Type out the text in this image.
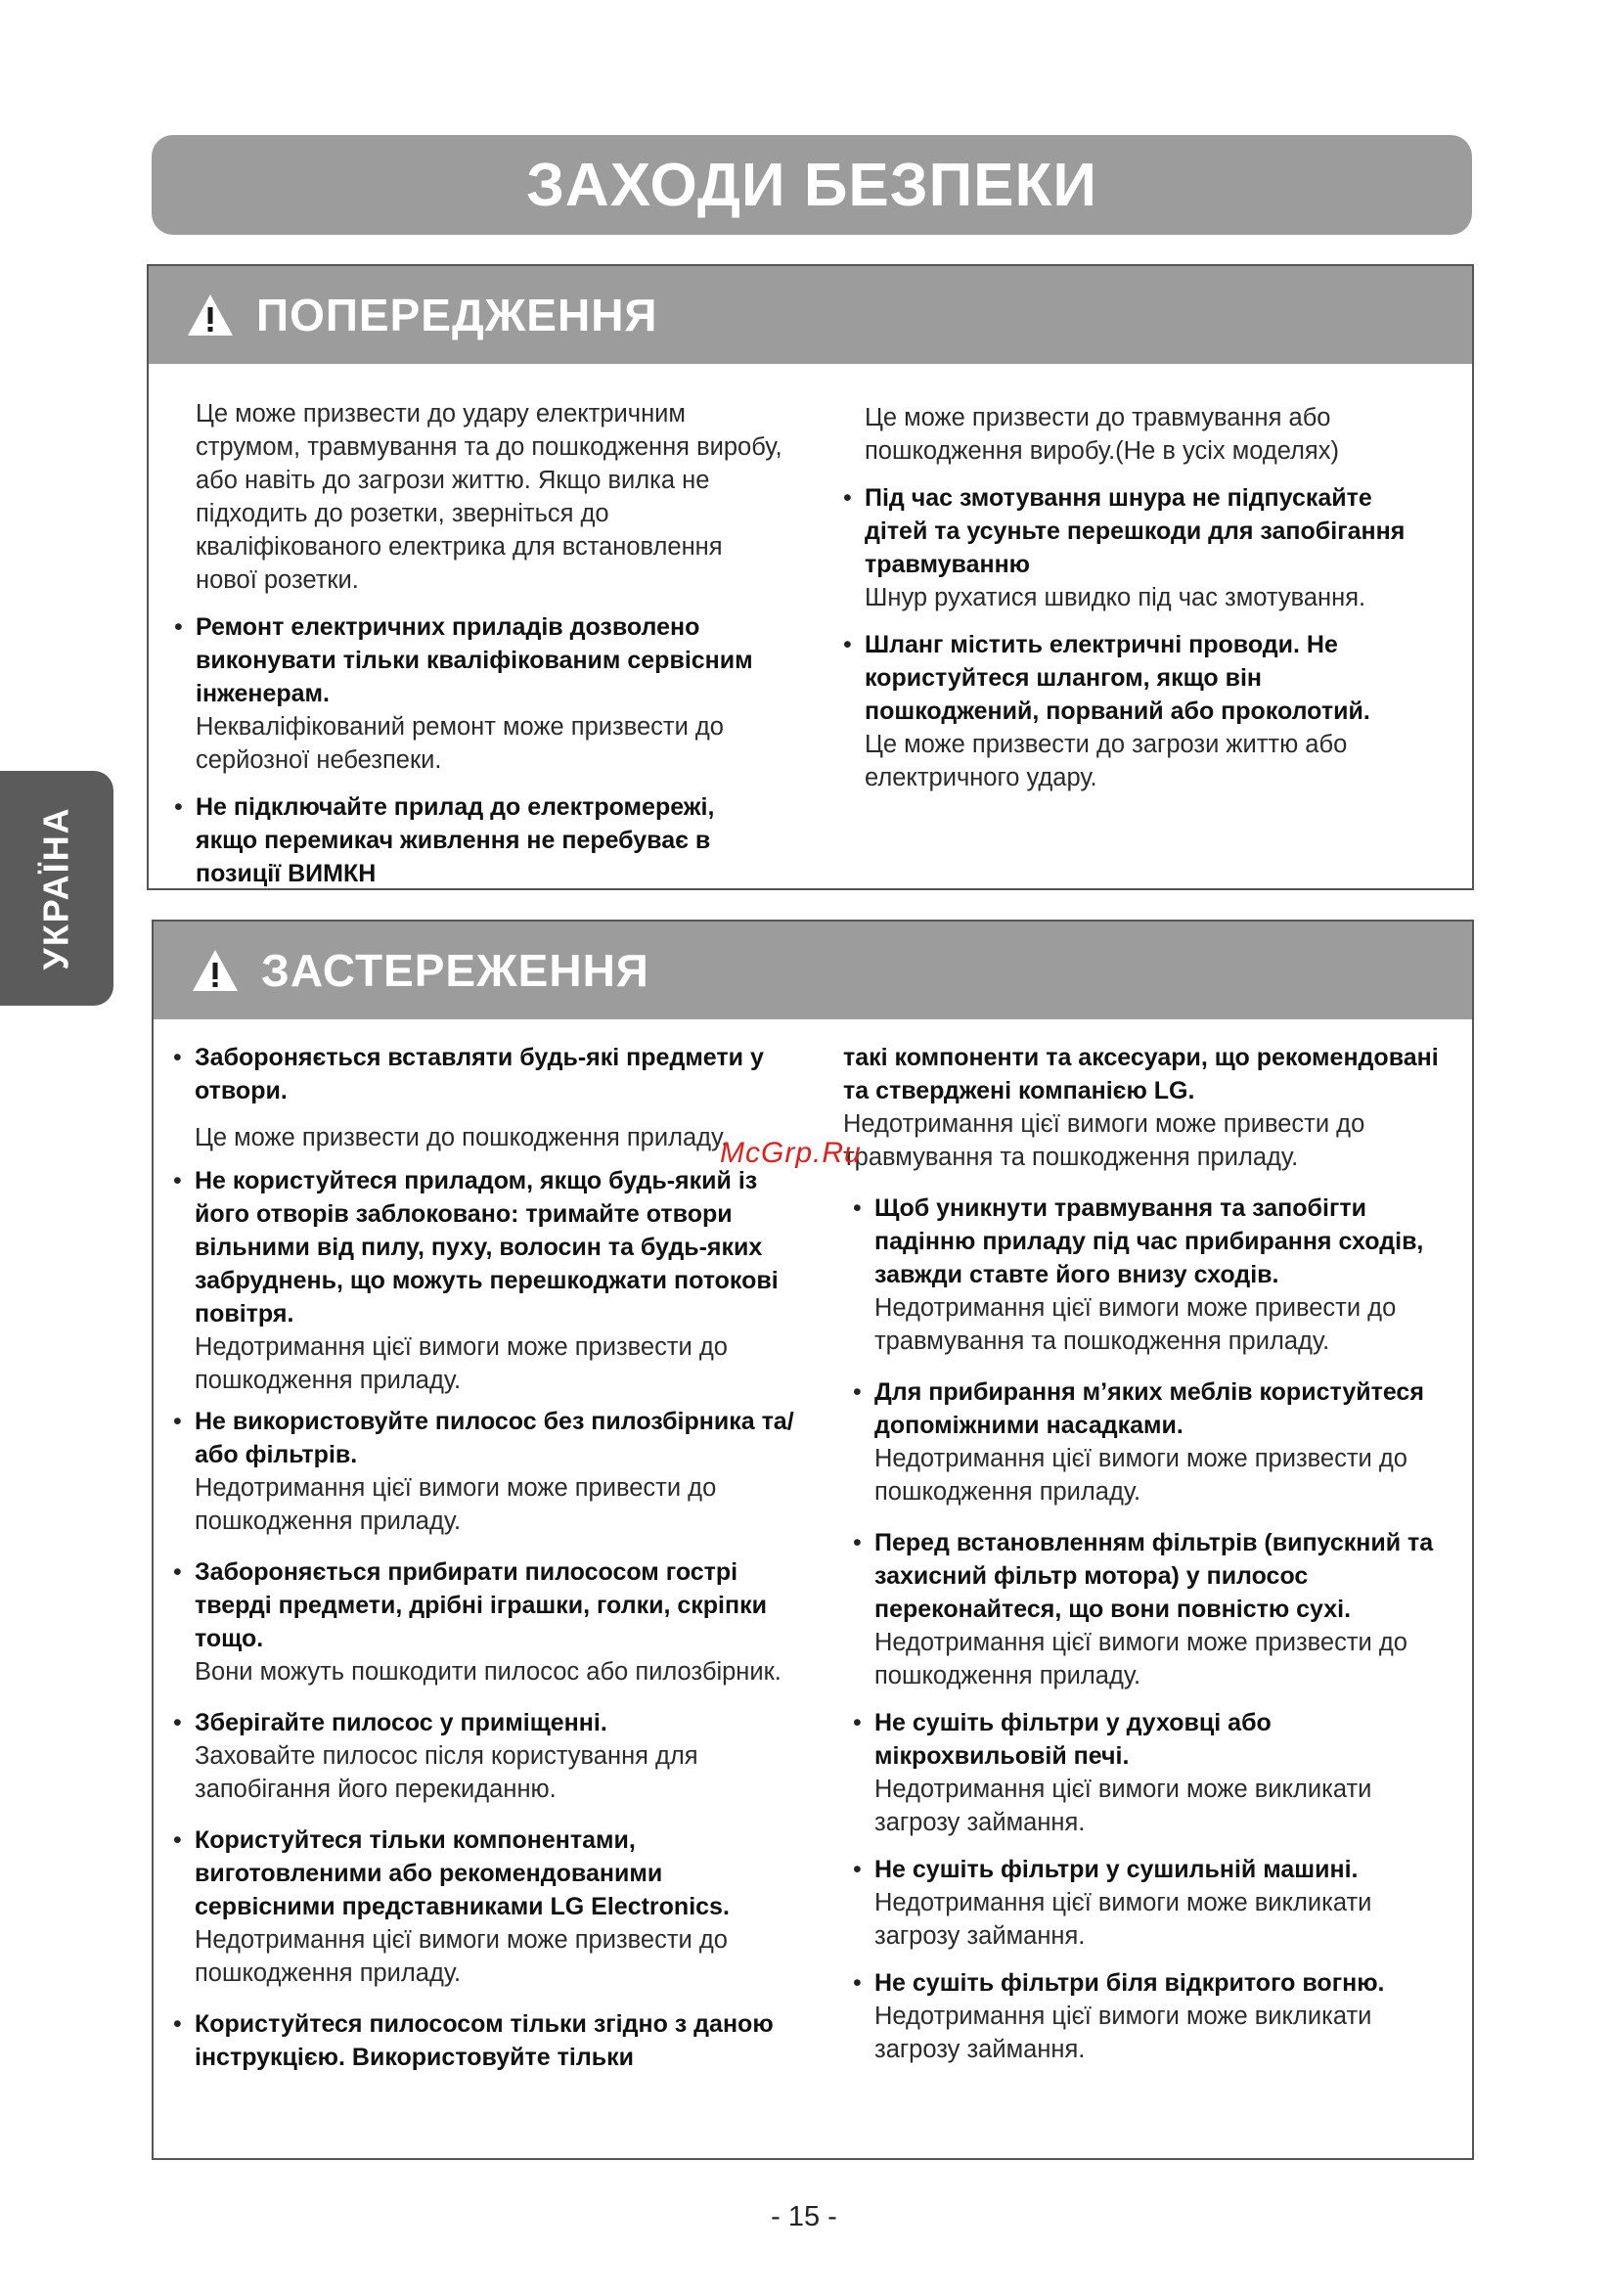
ЗАХОДИ БЕЗПЕКИ
УКРАЇНА
ПОПЕРЕДЖЕННЯ

Це може призвести до удару електричним струмом, травмування та до пошкодження виробу, або навіть до загрози життю. Якщо вилка не підходить до розетки, зверніться до кваліфікованого електрика для встановлення нової розетки.

• Ремонт електричних приладів дозволено виконувати тільки кваліфікованим сервісним інженерам.
Некваліфікований ремонт може призвести до серйозної небезпеки.
• Не підключайте прилад до електромережі, якщо перемикач живлення не перебуває в позиції ВИМКН

Це може призвести до травмування або пошкодження виробу.(Не в усіх моделях)

• Під час змотування шнура не підпускайте дітей та усуньте перешкоди для запобігання травмуванню
Шнур рухатися швидко під час змотування.
• Шланг містить електричні проводи. Не користуйтеся шлангом, якщо він пошкоджений, порваний або проколотий.
Це може призвести до загрози життю або електричного удару.
ЗАСТЕРЕЖЕННЯ
• Забороняється вставляти будь-які предмети у отвори.
Це може призвести до пошкодження приладу.
• Не користуйтеся приладом, якщо будь-який із його отворів заблоковано: тримайте отвори вільними від пилу, пуху, волосин та будь-яких забруднень, що можуть перешкоджати потокові повітря.
Недотримання цієї вимоги може призвести до пошкодження приладу.
• Не використовуйте пилосос без пилозбірника та/або фільтрів.
Недотримання цієї вимоги може привести до пошкодження приладу.
• Забороняється прибирати пилососом гострі тверді предмети, дрібні іграшки, голки, скріпки тощо.
Вони можуть пошкодити пилосос або пилозбірник.
• Зберігайте пилосос у приміщенні.
Заховайте пилосос після користування для запобігання його перекиданню.
• Користуйтеся тільки компонентами, виготовленими або рекомендованими сервісними представниками LG Electronics.
Недотримання цієї вимоги може призвести до пошкодження приладу.
• Користуйтеся пилососом тільки згідно з даною інструкцією. Використовуйте тільки
такі компоненти та аксесуари, що рекомендовані та стверджені компанією LG.
Недотримання цієї вимоги може привести до травмування та пошкодження приладу.
• Щоб уникнути травмування та запобігти падінню приладу під час прибирання сходів, завжди ставте його внизу сходів.
Недотримання цієї вимоги може привести до травмування та пошкодження приладу.
• Для прибирання м’яких меблів користуйтеся допоміжними насадками.
Недотримання цієї вимоги може призвести до пошкодження приладу.
• Перед встановленням фільтрів (випускний та захисний фільтр мотора) у пилосос переконайтеся, що вони повністю сухі.
Недотримання цієї вимоги може призвести до пошкодження приладу.
• Не сушіть фільтри у духовці або мікрохвильовій печі.
Недотримання цієї вимоги може викликати загрозу займання.
• Не сушіть фільтри у сушильній машині.
Недотримання цієї вимоги може викликати загрозу займання.
• Не сушіть фільтри біля відкритого вогню.
Недотримання цієї вимоги може викликати загрозу займання.
McGrp.Ru
- 15 -
